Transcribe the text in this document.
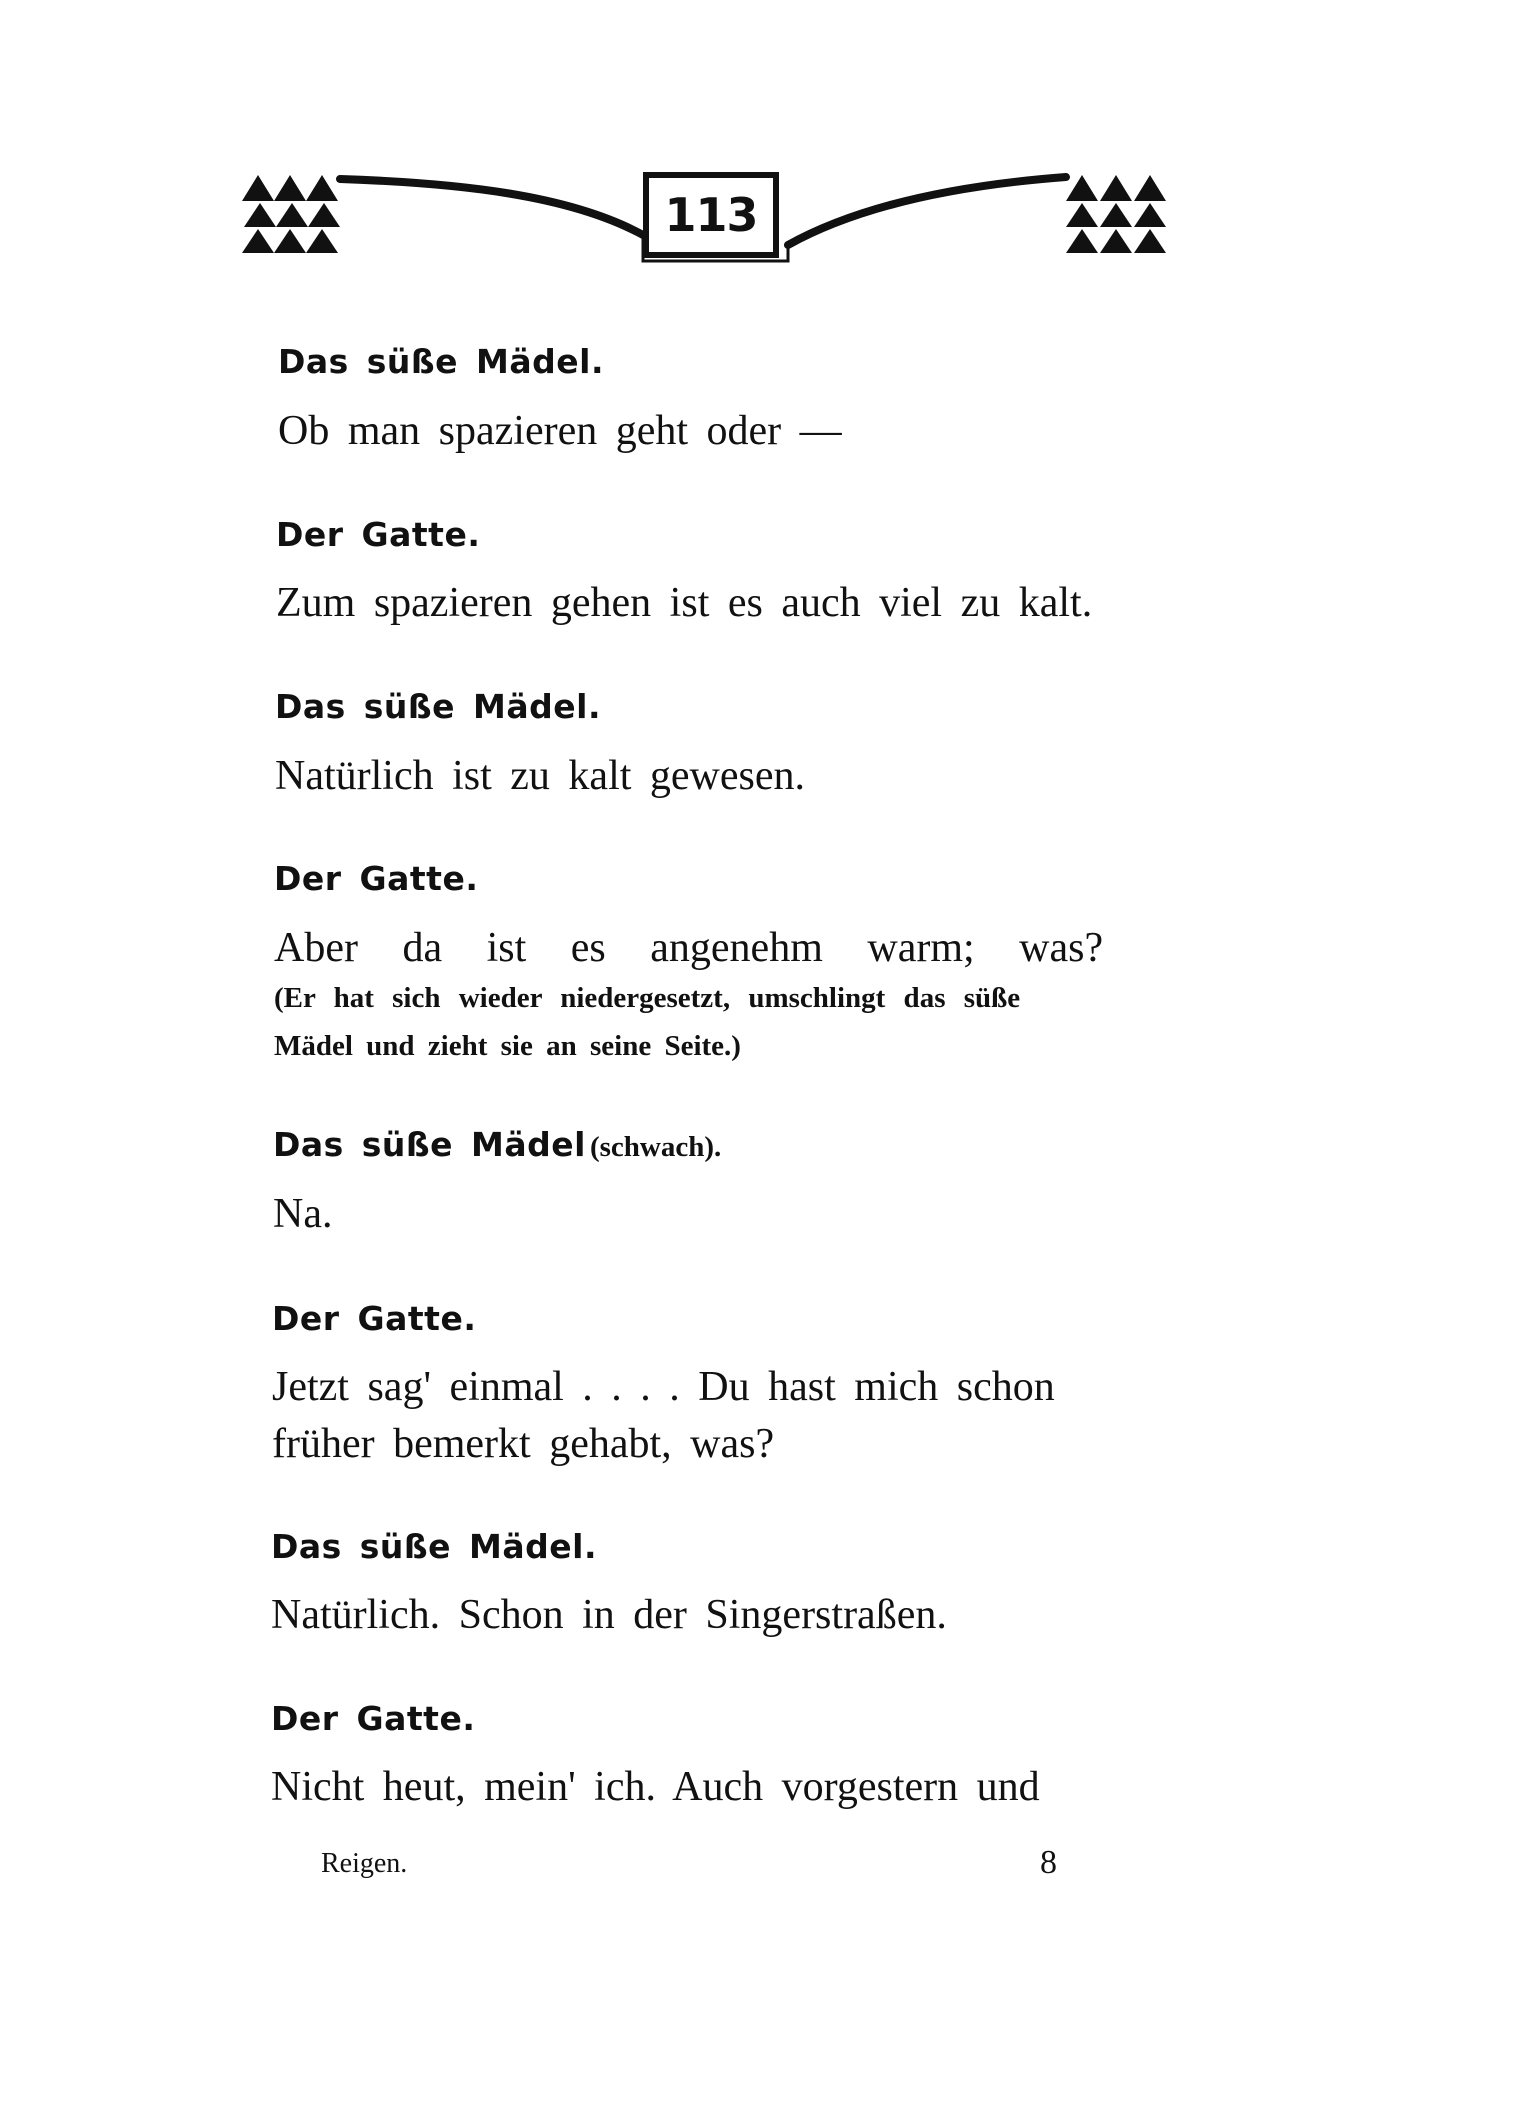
113
Das süße Mädel.
Ob man spazieren geht oder —
Der Gatte.
Zum spazieren gehen ist es auch viel zu kalt.
Das süße Mädel.
Natürlich ist zu kalt gewesen.
Der Gatte.
Aber da ist es angenehm warm; was?
(Er hat sich wieder niedergesetzt, umschlingt das süße
Mädel und zieht sie an seine Seite.)
Das süße Mädel (schwach).
Na.
Der Gatte.
Jetzt sag' einmal . . . . Du hast mich schon
früher bemerkt gehabt, was?
Das süße Mädel.
Natürlich. Schon in der Singerstraßen.
Der Gatte.
Nicht heut, mein' ich. Auch vorgestern und
Reigen.	8
